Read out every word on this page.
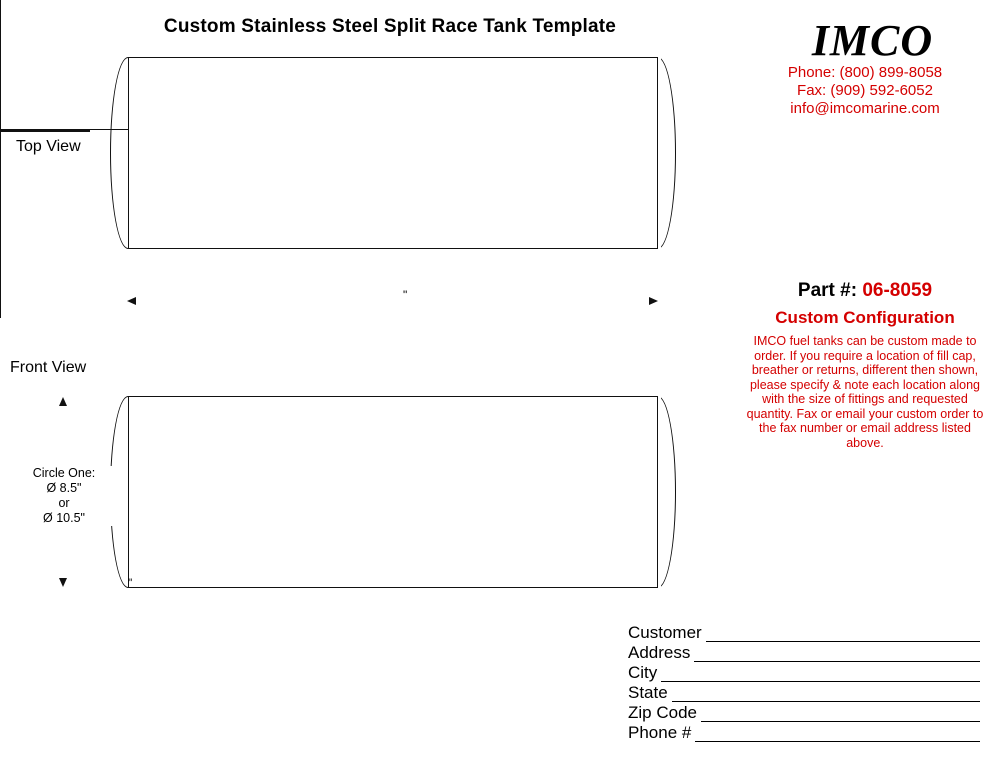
Custom Stainless Steel Split Race Tank Template
Top View
Front View
"
Circle One:
Ø 8.5"
or
Ø 10.5"
"
IMCO
Phone: (800) 899-8058
Fax: (909) 592-6052
info@imcomarine.com
Part #: 06-8059
Custom Configuration
IMCO fuel tanks can be custom made to order. If you require a location of fill cap, breather or returns, different then shown, please specify & note each location along with the size of fittings and requested quantity. Fax or email your custom order to the fax number or email address listed above.
Customer
Address
City
State
Zip Code
Phone #
